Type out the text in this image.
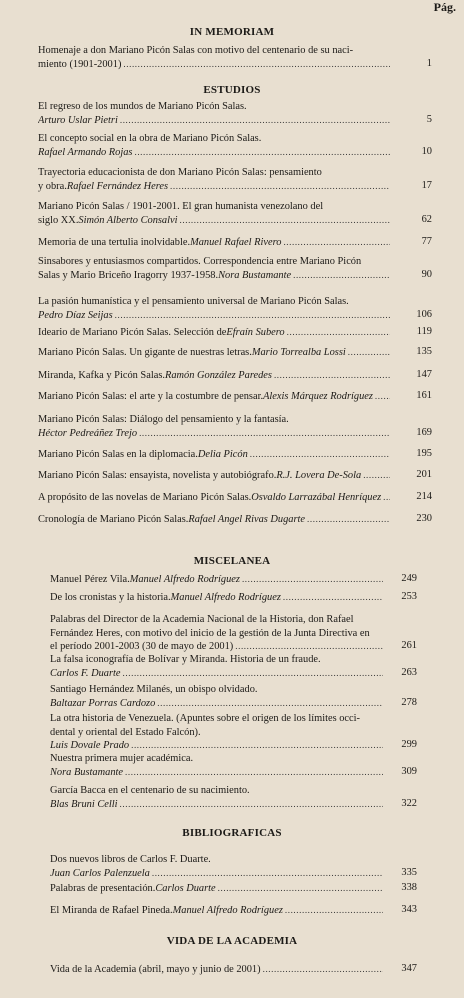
Pág.
IN MEMORIAM
Homenaje a don Mariano Picón Salas con motivo del centenario de su naci-
miento (1901-2001) .....	1
ESTUDIOS
El regreso de los mundos de Mariano Picón Salas.
Arturo Uslar Pietri .....	5
El concepto social en la obra de Mariano Picón Salas.
Rafael Armando Rojas .....	10
Trayectoria educacionista de don Mariano Picón Salas: pensamiento
y obra. Rafael Fernández Heres .....	17
Mariano Picón Salas / 1901-2001. El gran humanista venezolano del
siglo XX. Simón Alberto Consalvi .....	62
Memoria de una tertulia inolvidable. Manuel Rafael Rivero .....	77
Sinsabores y entusiasmos compartidos. Correspondencia entre Mariano Picón
Salas y Mario Briceño Iragorry 1937-1958. Nora Bustamante .....	90
La pasión humanística y el pensamiento universal de Mariano Picón Salas.
Pedro Díaz Seijas .....	106
Ideario de Mariano Picón Salas. Selección de Efraín Subero .....	119
Mariano Picón Salas. Un gigante de nuestras letras. Mario Torrealba Lossi .....	135
Miranda, Kafka y Picón Salas. Ramón González Paredes .....	147
Mariano Picón Salas: el arte y la costumbre de pensar. Alexis Márquez Rodríguez .....	161
Mariano Picón Salas: Diálogo del pensamiento y la fantasía.
Héctor Pedreáñez Trejo .....	169
Mariano Picón Salas en la diplomacia. Delia Picón .....	195
Mariano Picón Salas: ensayista, novelista y autobiógrafo. R.J. Lovera De-Sola .....	201
A propósito de las novelas de Mariano Picón Salas. Osvaldo Larrazábal Henríquez .....	214
Cronología de Mariano Picón Salas. Rafael Angel Rivas Dugarte .....	230
MISCELANEA
Manuel Pérez Vila. Manuel Alfredo Rodríguez .....	249
De los cronistas y la historia. Manuel Alfredo Rodríguez .....	253
Palabras del Director de la Academia Nacional de la Historia, don Rafael
Fernández Heres, con motivo del inicio de la gestión de la Junta Directiva en
el período 2001-2003 (30 de mayo de 2001) .....	261
La falsa iconografía de Bolívar y Miranda. Historia de un fraude.
Carlos F. Duarte .....	263
Santiago Hernández Milanés, un obispo olvidado.
Baltazar Porras Cardozo .....	278
La otra historia de Venezuela. (Apuntes sobre el origen de los límites occi-
dental y oriental del Estado Falcón).
Luis Dovale Prado .....	299
Nuestra primera mujer académica.
Nora Bustamante .....	309
García Bacca en el centenario de su nacimiento.
Blas Bruni Celli .....	322
BIBLIOGRAFICAS
Dos nuevos libros de Carlos F. Duarte.
Juan Carlos Palenzuela .....	335
Palabras de presentación. Carlos Duarte .....	338
El Miranda de Rafael Pineda. Manuel Alfredo Rodríguez .....	343
VIDA DE LA ACADEMIA
Vida de la Academia (abril, mayo y junio de 2001) .....	347
